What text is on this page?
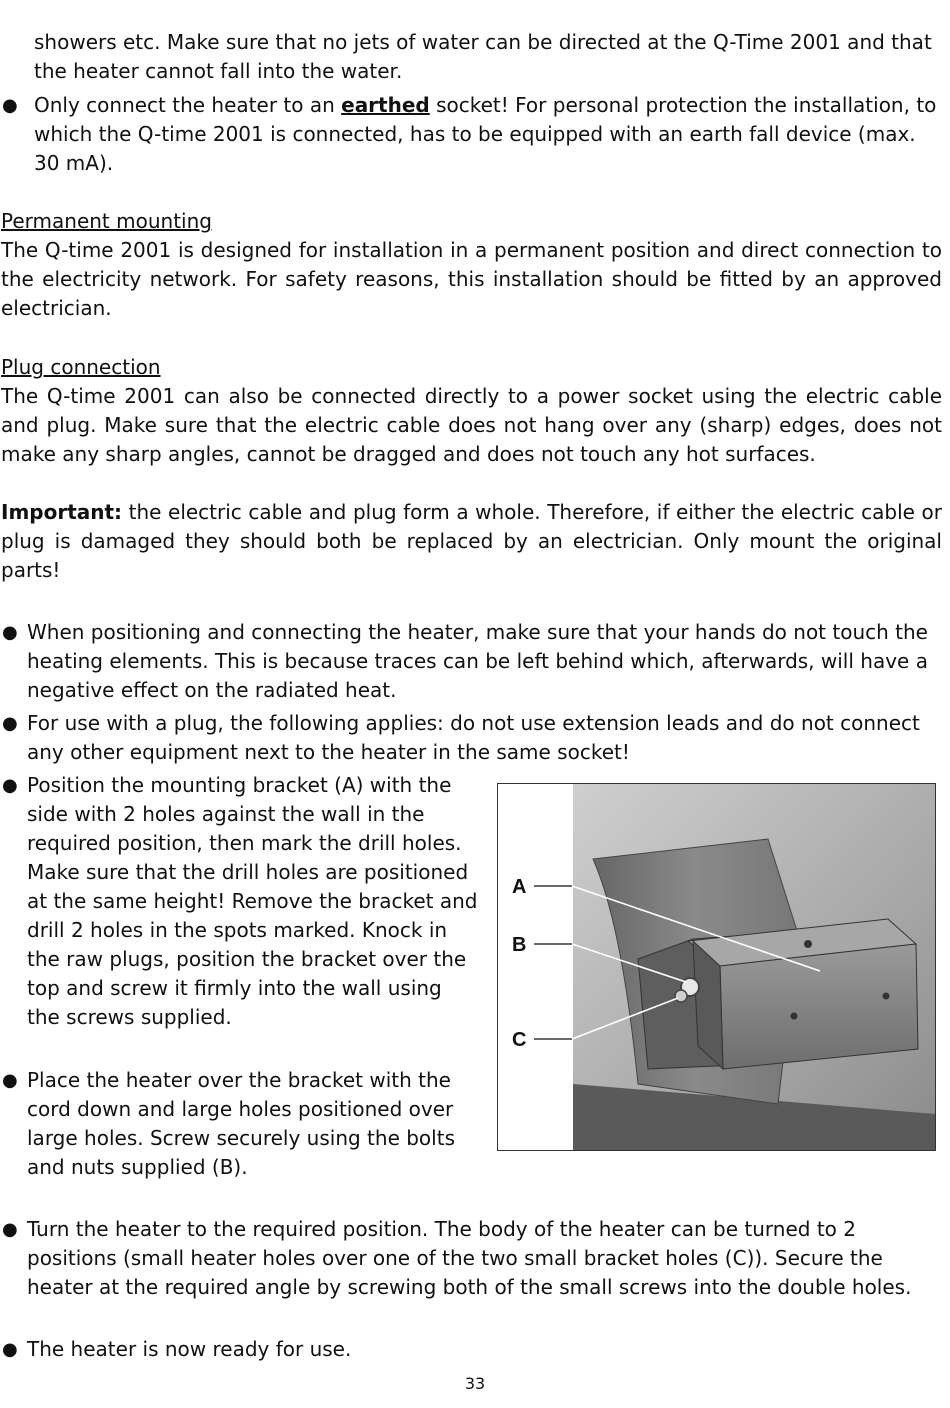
showers etc. Make sure that no jets of water can be directed at the Q-Time 2001 and that the heater cannot fall into the water.

● Only connect the heater to an earthed socket! For personal protection the installation, to which the Q-time 2001 is connected, has to be equipped with an earth fall device (max. 30 mA).

Permanent mounting

The Q-time 2001 is designed for installation in a permanent position and direct connection to the electricity network. For safety reasons, this installation should be fitted by an approved electrician.

Plug connection

The Q-time 2001 can also be connected directly to a power socket using the electric cable and plug. Make sure that the electric cable does not hang over any (sharp) edges, does not make any sharp angles, cannot be dragged and does not touch any hot surfaces.

Important: the electric cable and plug form a whole. Therefore, if either the electric cable or plug is damaged they should both be replaced by an electrician. Only mount the original parts!

● When positioning and connecting the heater, make sure that your hands do not touch the heating elements. This is because traces can be left behind which, afterwards, will have a negative effect on the radiated heat.

● For use with a plug, the following applies: do not use extension leads and do not connect any other equipment next to the heater in the same socket!

● Position the mounting bracket (A) with the side with 2 holes against the wall in the required position, then mark the drill holes. Make sure that the drill holes are positioned at the same height! Remove the bracket and drill 2 holes in the spots marked. Knock in the raw plugs, position the bracket over the top and screw it firmly into the wall using the screws supplied.

● Place the heater over the bracket with the cord down and large holes positioned over large holes. Screw securely using the bolts and nuts supplied (B).

● Turn the heater to the required position. The body of the heater can be turned to 2 positions (small heater holes over one of the two small bracket holes (C)). Secure the heater at the required angle by screwing both of the small screws into the double holes.

● The heater is now ready for use.

A
B
C
33
